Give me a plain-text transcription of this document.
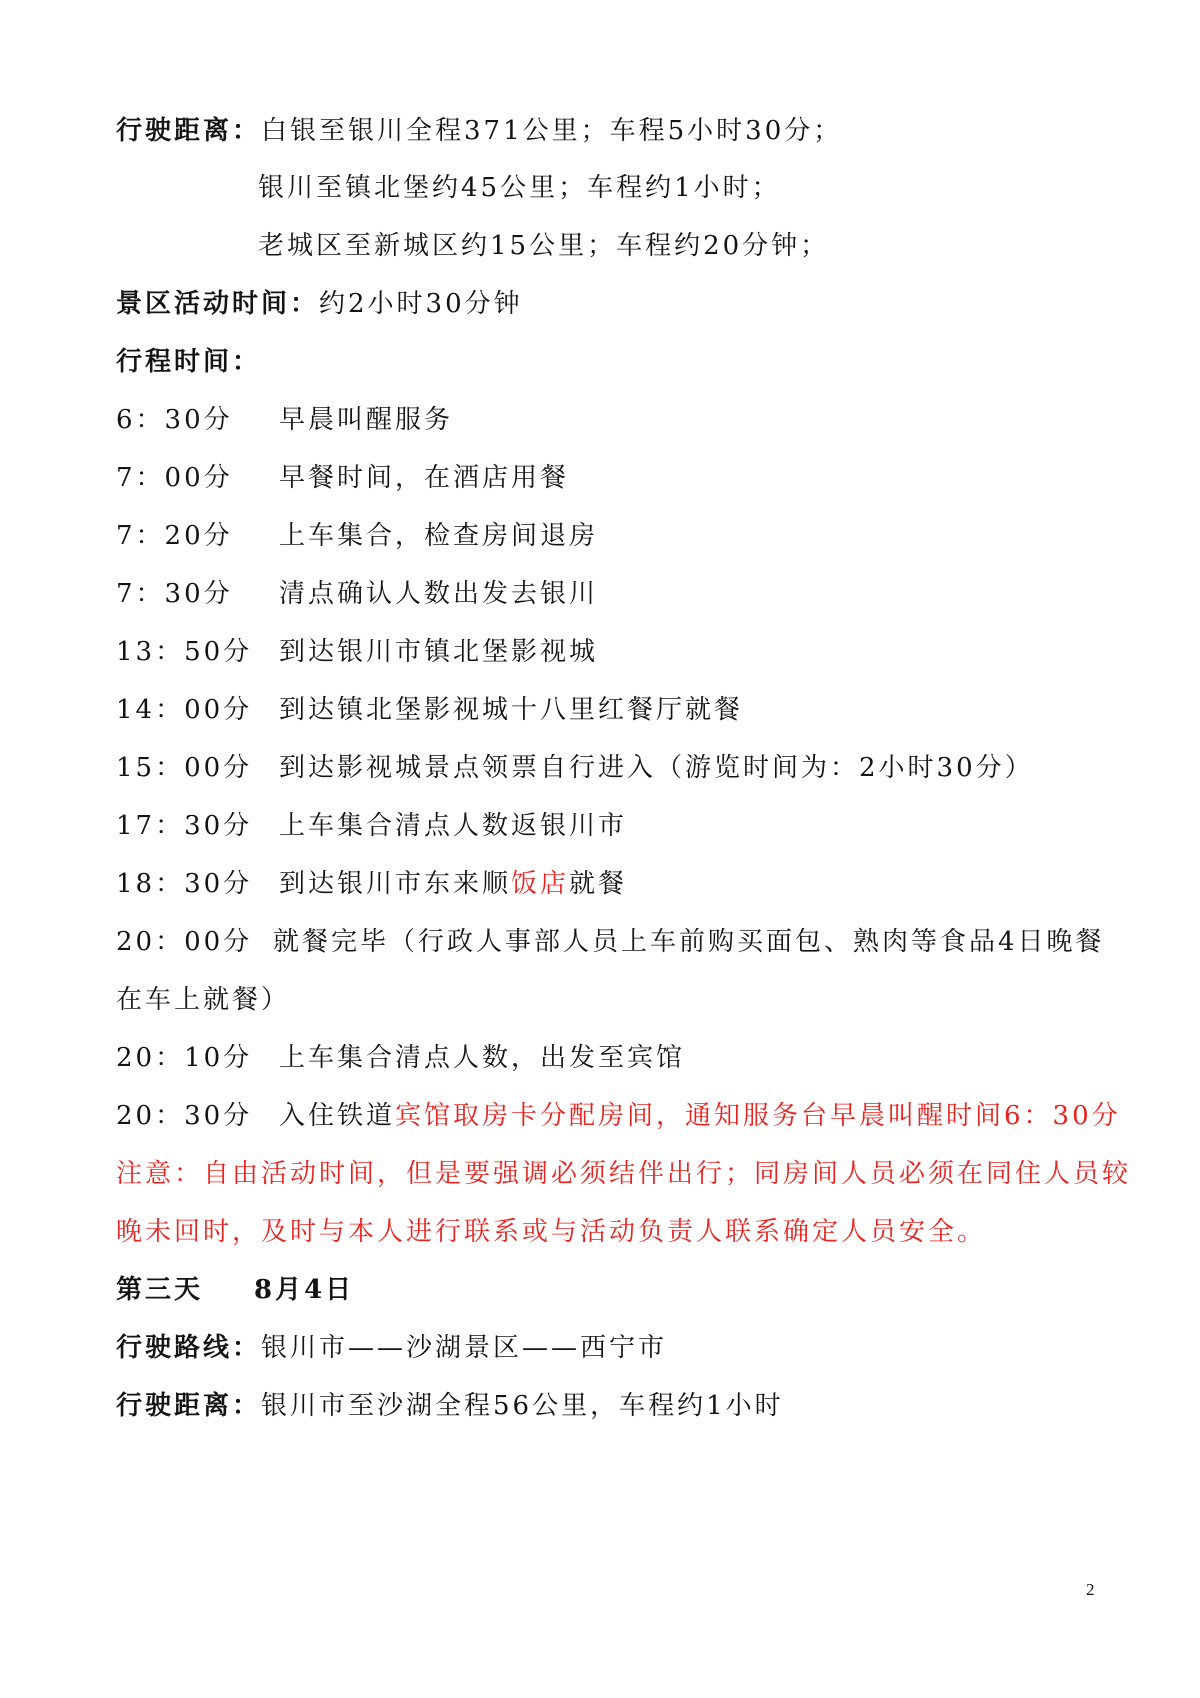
行驶距离：白银至银川全程371公里；车程5小时30分；
银川至镇北堡约45公里；车程约1小时；
老城区至新城区约15公里；车程约20分钟；
景区活动时间：约2小时30分钟
行程时间：
6：30分 早晨叫醒服务
7：00分 早餐时间，在酒店用餐
7：20分 上车集合，检查房间退房
7：30分 清点确认人数出发去银川
13：50分 到达银川市镇北堡影视城
14：00分 到达镇北堡影视城十八里红餐厅就餐
15：00分 到达影视城景点领票自行进入（游览时间为：2小时30分）
17：30分 上车集合清点人数返银川市
18：30分 到达银川市东来顺饭店就餐
20：00分 就餐完毕（行政人事部人员上车前购买面包、熟肉等食品4日晚餐
在车上就餐）
20：10分 上车集合清点人数，出发至宾馆
20：30分 入住铁道宾馆取房卡分配房间，通知服务台早晨叫醒时间6：30分
注意：自由活动时间，但是要强调必须结伴出行；同房间人员必须在同住人员较
晚未回时，及时与本人进行联系或与活动负责人联系确定人员安全。
第三天 8月4日
行驶路线：银川市——沙湖景区——西宁市
行驶距离：银川市至沙湖全程56公里，车程约1小时
2
